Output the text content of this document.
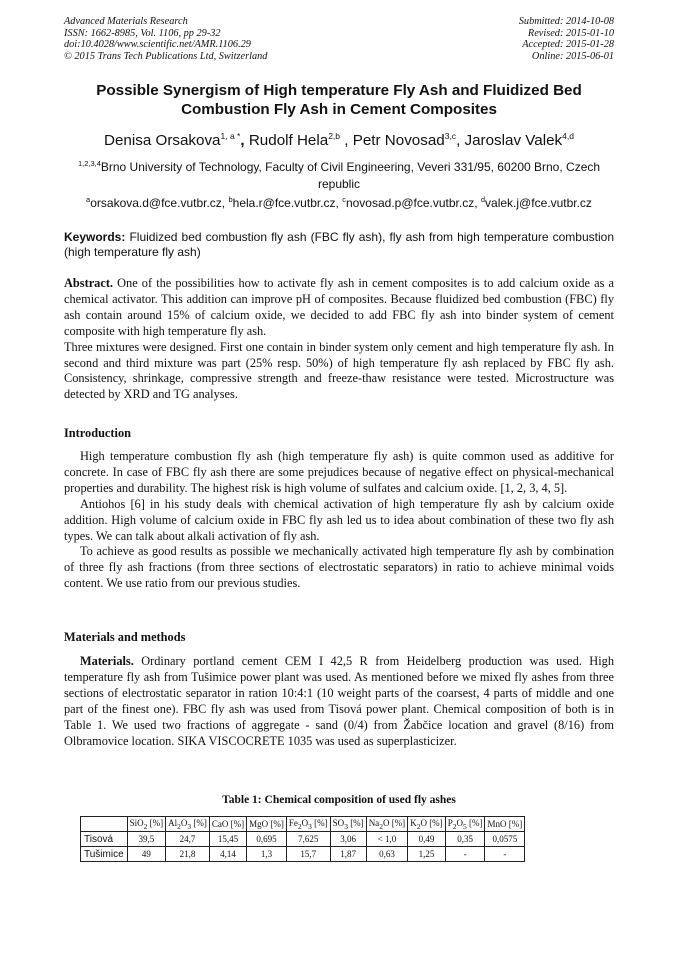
Advanced Materials Research
ISSN: 1662-8985, Vol. 1106, pp 29-32
doi:10.4028/www.scientific.net/AMR.1106.29
© 2015 Trans Tech Publications Ltd, Switzerland
Submitted: 2014-10-08
Revised: 2015-01-10
Accepted: 2015-01-28
Online: 2015-06-01
Possible Synergism of High temperature Fly Ash and Fluidized Bed
Combustion Fly Ash in Cement Composites
Denisa Orsakova$^{1, a *}$, Rudolf Hela$^{2,b}$ , Petr Novosad$^{3,c}$, Jaroslav Valek$^{4,d}$
$^{1,2,3,4}$Brno University of Technology, Faculty of Civil Engineering, Veveri 331/95, 60200 Brno, Czech republic
$^a$orsakova.d@fce.vutbr.cz, $^b$hela.r@fce.vutbr.cz, $^c$novosad.p@fce.vutbr.cz, $^d$valek.j@fce.vutbr.cz
Keywords: Fluidized bed combustion fly ash (FBC fly ash), fly ash from high temperature combustion (high temperature fly ash)

Abstract. One of the possibilities how to activate fly ash in cement composites is to add calcium oxide as a chemical activator. This addition can improve pH of composites. Because fluidized bed combustion (FBC) fly ash contain around 15% of calcium oxide, we decided to add FBC fly ash into binder system of cement composite with high temperature fly ash.

Three mixtures were designed. First one contain in binder system only cement and high temperature fly ash. In second and third mixture was part (25% resp. 50%) of high temperature fly ash replaced by FBC fly ash. Consistency, shrinkage, compressive strength and freeze-thaw resistance were tested. Microstructure was detected by XRD and TG analyses.

Introduction

High temperature combustion fly ash (high temperature fly ash) is quite common used as additive for concrete. In case of FBC fly ash there are some prejudices because of negative effect on physical-mechanical properties and durability. The highest risk is high volume of sulfates and calcium oxide. [1, 2, 3, 4, 5].

Antiohos [6] in his study deals with chemical activation of high temperature fly ash by calcium oxide addition. High volume of calcium oxide in FBC fly ash led us to idea about combination of these two fly ash types. We can talk about alkali activation of fly ash.

To achieve as good results as possible we mechanically activated high temperature fly ash by combination of three fly ash fractions (from three sections of electrostatic separators) in ratio to achieve minimal voids content. We use ratio from our previous studies.

Materials and methods

Materials. Ordinary portland cement CEM I 42,5 R from Heidelberg production was used. High temperature fly ash from Tušimice power plant was used. As mentioned before we mixed fly ashes from three sections of electrostatic separator in ration 10:4:1 (10 weight parts of the coarsest, 4 parts of middle and one part of the finest one). FBC fly ash was used from Tisová power plant. Chemical composition of both is in Table 1. We used two fractions of aggregate - sand (0/4) from Žabčice location and gravel (8/16) from Olbramovice location. SIKA VISCOCRETE 1035 was used as superplasticizer.

Table 1: Chemical composition of used fly ashes
	SiO$_2$ [%]	$Al_2O_3$ [%]	CaO [%]	MgO [%]	$Fe_2O_3$ [%]	$SO_3$ [%]	$Na_2O$ [%]	$K_2O$ [%]	$P_2O_5$ [%]	MnO [%]
Tisová	39,5	24,7	15,45	0,695	7,625	3,06	< 1,0	0,49	0,35	0,0575
Tušimice	49	21,8	4,14	1,3	15,7	1,87	0,63	1,25	-	-
